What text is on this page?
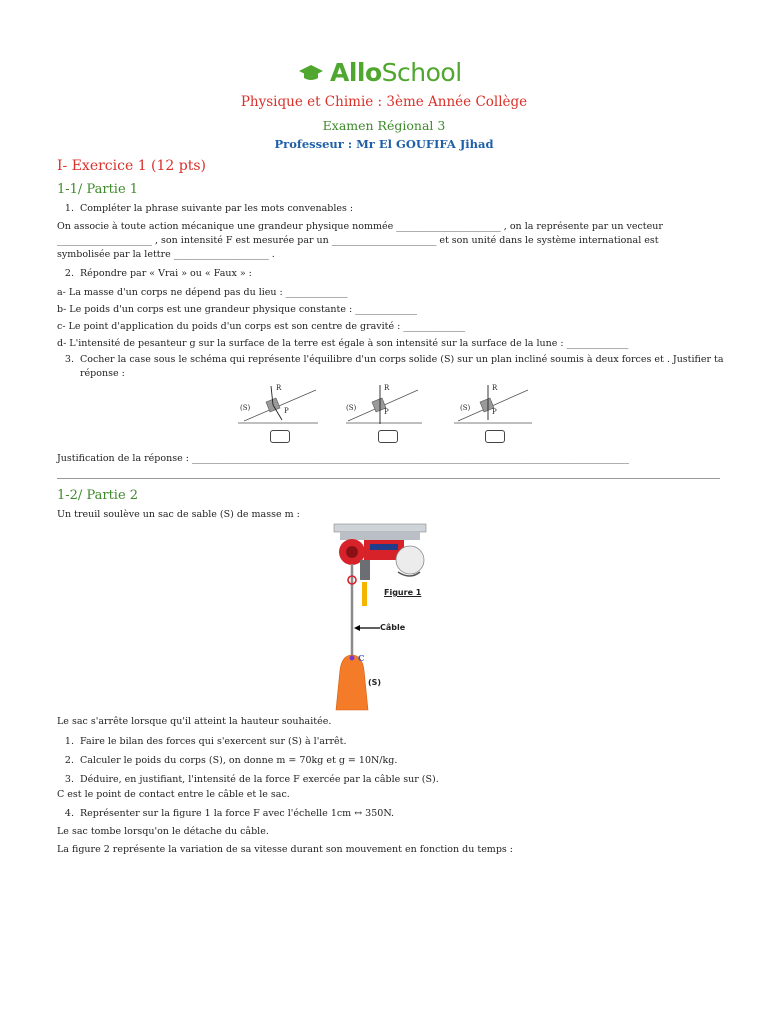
AlloSchool
Physique et Chimie : 3ème Année Collège
Examen Régional 3
Professeur : Mr El GOUFIFA Jihad
I- Exercice 1 (12 pts)
1-1/ Partie 1
1. Compléter la phrase suivante par les mots convenables :
On associe à toute action mécanique une grandeur physique nommée ______________________ , on la représente par un vecteur
____________________ , son intensité F est mesurée par un ______________________ et son unité dans le système international est
symbolisée par la lettre ____________________ .
2. Répondre par « Vrai » ou « Faux » :
a- La masse d'un corps ne dépend pas du lieu : _____________
b- Le poids d'un corps est une grandeur physique constante : _____________
c- Le point d'application du poids d'un corps est son centre de gravité : _____________
d- L'intensité de pesanteur g sur la surface de la terre est égale à son intensité sur la surface de la lune : _____________
3. Cocher la case sous le schéma qui représente l'équilibre d'un corps solide (S) sur un plan incliné soumis à deux forces et . Justifier ta
réponse :
(S)
R
P	(S)
R
P	(S)
R
P
Justification de la réponse : ____________________________________________________________________________________________
1-2/ Partie 2
Un treuil soulève un sac de sable (S) de masse m :
Figure 1
Câble
C
(S)
Le sac s'arrête lorsque qu'il atteint la hauteur souhaitée.
1. Faire le bilan des forces qui s'exercent sur (S) à l'arrêt.
2. Calculer le poids du corps (S), on donne m = 70kg et g = 10N/kg.
3. Déduire, en justifiant, l'intensité de la force F exercée par la câble sur (S).
C est le point de contact entre le câble et le sac.
4. Représenter sur la figure 1 la force F avec l'échelle 1cm ↔ 350N.
Le sac tombe lorsqu'on le détache du câble.
La figure 2 représente la variation de sa vitesse durant son mouvement en fonction du temps :
